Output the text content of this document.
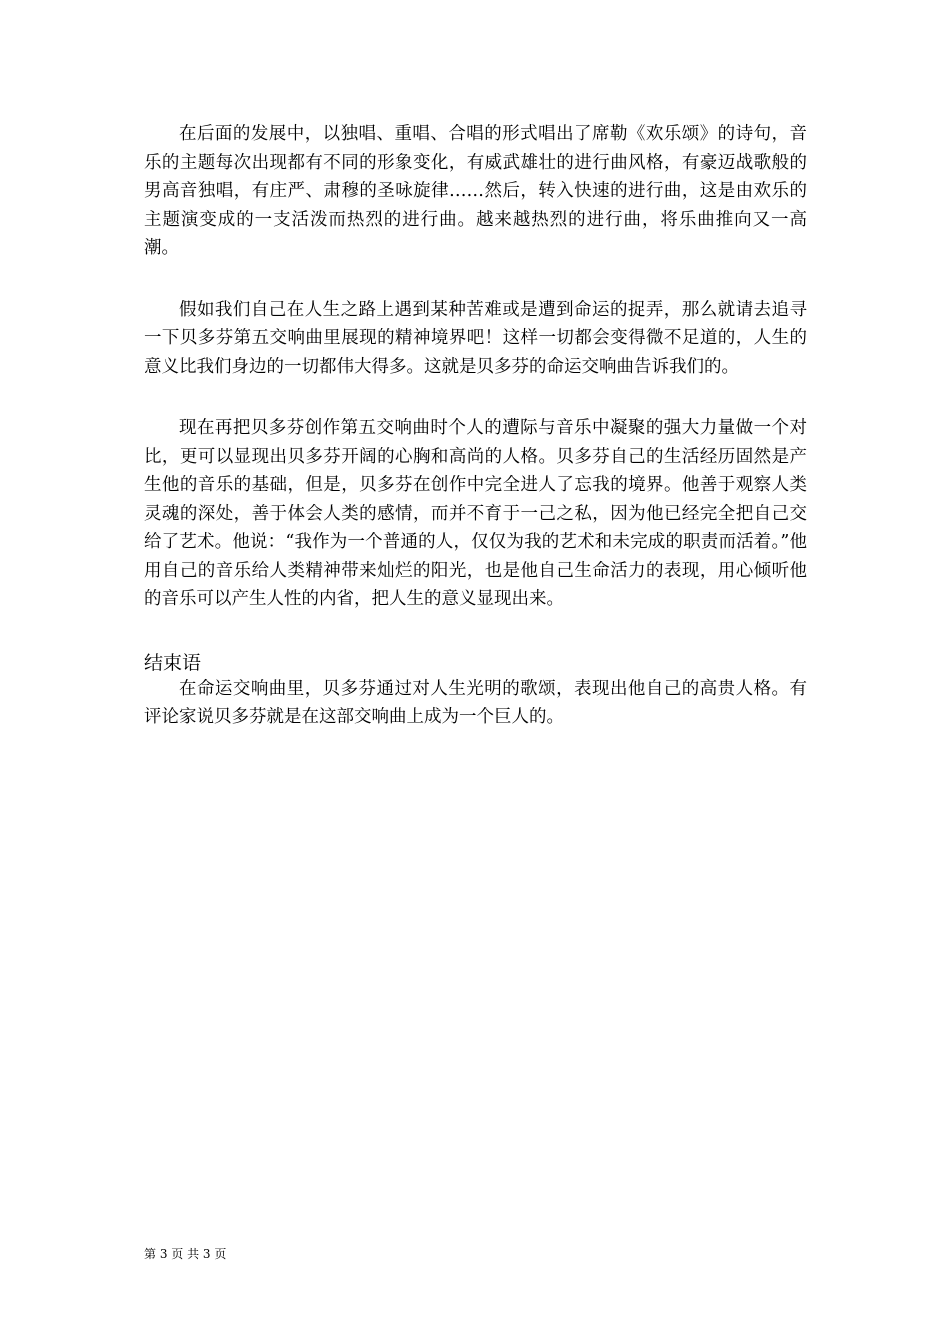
在后面的发展中，以独唱、重唱、合唱的形式唱出了席勒《欢乐颂》的诗句，音乐的主题每次出现都有不同的形象变化，有威武雄壮的进行曲风格，有豪迈战歌般的男高音独唱，有庄严、肃穆的圣咏旋律……然后，转入快速的进行曲，这是由欢乐的主题演变成的一支活泼而热烈的进行曲。越来越热烈的进行曲，将乐曲推向又一高潮。

假如我们自己在人生之路上遇到某种苦难或是遭到命运的捉弄，那么就请去追寻一下贝多芬第五交响曲里展现的精神境界吧！这样一切都会变得微不足道的，人生的意义比我们身边的一切都伟大得多。这就是贝多芬的命运交响曲告诉我们的。

现在再把贝多芬创作第五交响曲时个人的遭际与音乐中凝聚的强大力量做一个对比，更可以显现出贝多芬开阔的心胸和高尚的人格。贝多芬自己的生活经历固然是产生他的音乐的基础，但是，贝多芬在创作中完全进人了忘我的境界。他善于观察人类灵魂的深处，善于体会人类的感情，而并不育于一己之私，因为他已经完全把自己交给了艺术。他说：“我作为一个普通的人，仅仅为我的艺术和未完成的职责而活着。”他用自己的音乐给人类精神带来灿烂的阳光，也是他自己生命活力的表现，用心倾听他的音乐可以产生人性的内省，把人生的意义显现出来。

结束语

在命运交响曲里，贝多芬通过对人生光明的歌颂，表现出他自己的高贵人格。有评论家说贝多芬就是在这部交响曲上成为一个巨人的。

第 3 页 共 3 页
